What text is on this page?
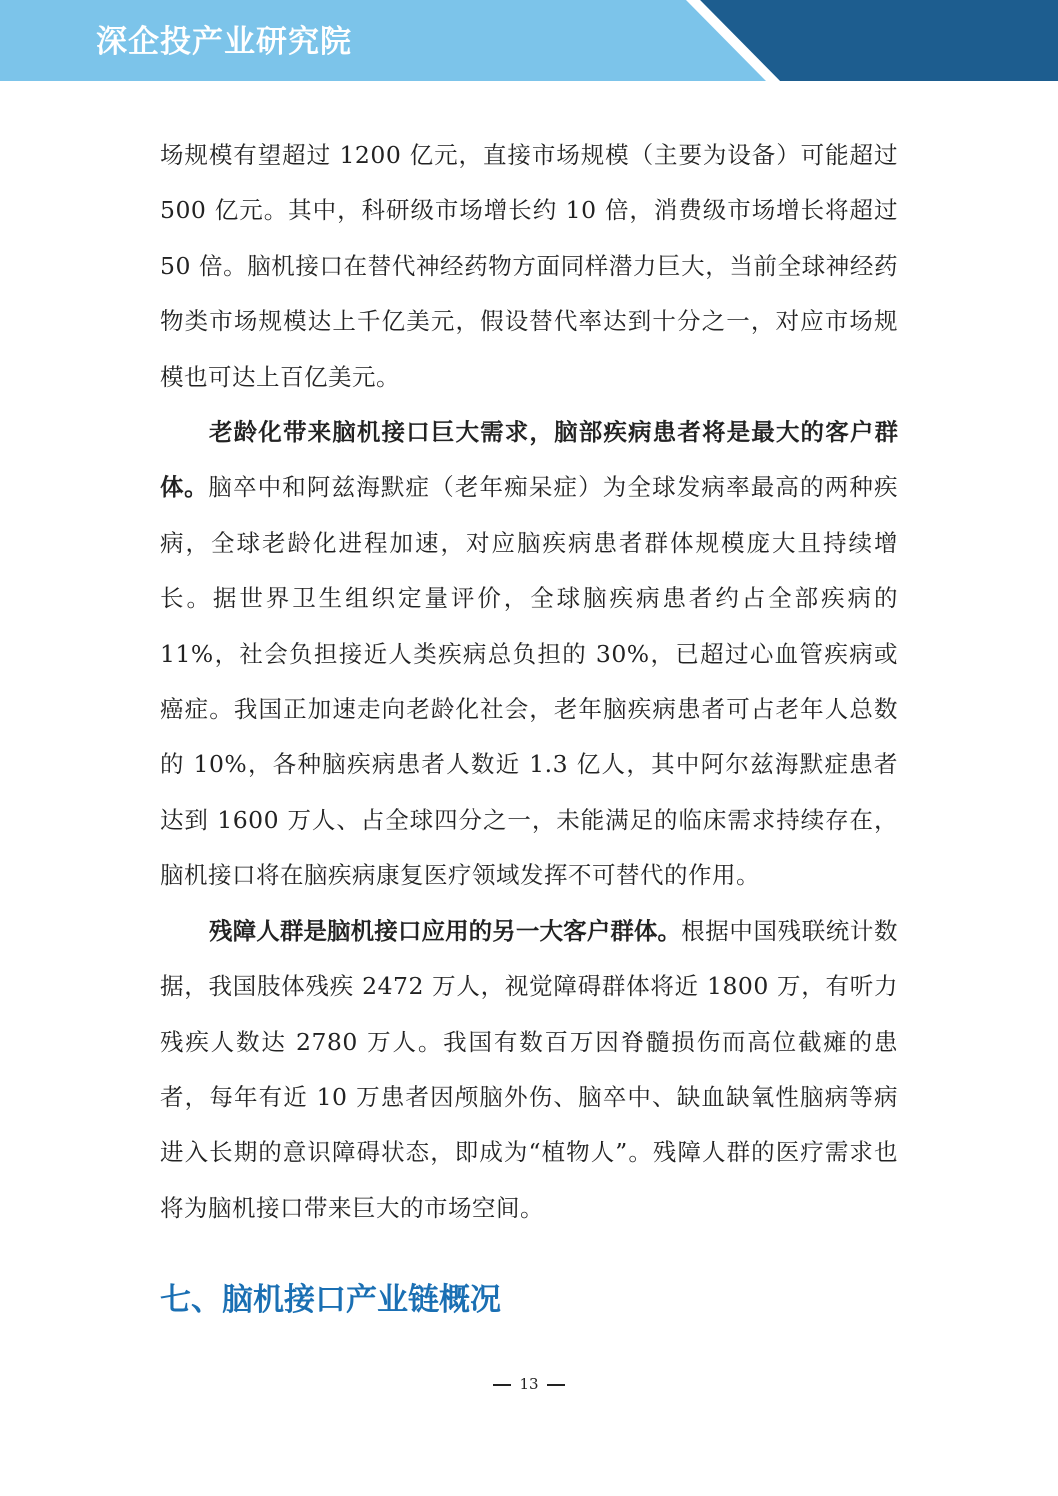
深企投产业研究院

场规模有望超过 1200 亿元，直接市场规模（主要为设备）可能超过 500 亿元。其中，科研级市场增长约 10 倍，消费级市场增长将超过 50 倍。脑机接口在替代神经药物方面同样潜力巨大，当前全球神经药物类市场规模达上千亿美元，假设替代率达到十分之一，对应市场规模也可达上百亿美元。

老龄化带来脑机接口巨大需求，脑部疾病患者将是最大的客户群体。脑卒中和阿兹海默症（老年痴呆症）为全球发病率最高的两种疾病，全球老龄化进程加速，对应脑疾病患者群体规模庞大且持续增长。据世界卫生组织定量评价，全球脑疾病患者约占全部疾病的 11%，社会负担接近人类疾病总负担的 30%，已超过心血管疾病或癌症。我国正加速走向老龄化社会，老年脑疾病患者可占老年人总数的 10%，各种脑疾病患者人数近 1.3 亿人，其中阿尔兹海默症患者达到 1600 万人、占全球四分之一，未能满足的临床需求持续存在，脑机接口将在脑疾病康复医疗领域发挥不可替代的作用。

残障人群是脑机接口应用的另一大客户群体。根据中国残联统计数据，我国肢体残疾 2472 万人，视觉障碍群体将近 1800 万，有听力残疾人数达 2780 万人。我国有数百万因脊髓损伤而高位截瘫的患者，每年有近 10 万患者因颅脑外伤、脑卒中、缺血缺氧性脑病等病进入长期的意识障碍状态，即成为“植物人”。残障人群的医疗需求也将为脑机接口带来巨大的市场空间。

七、脑机接口产业链概况
13
